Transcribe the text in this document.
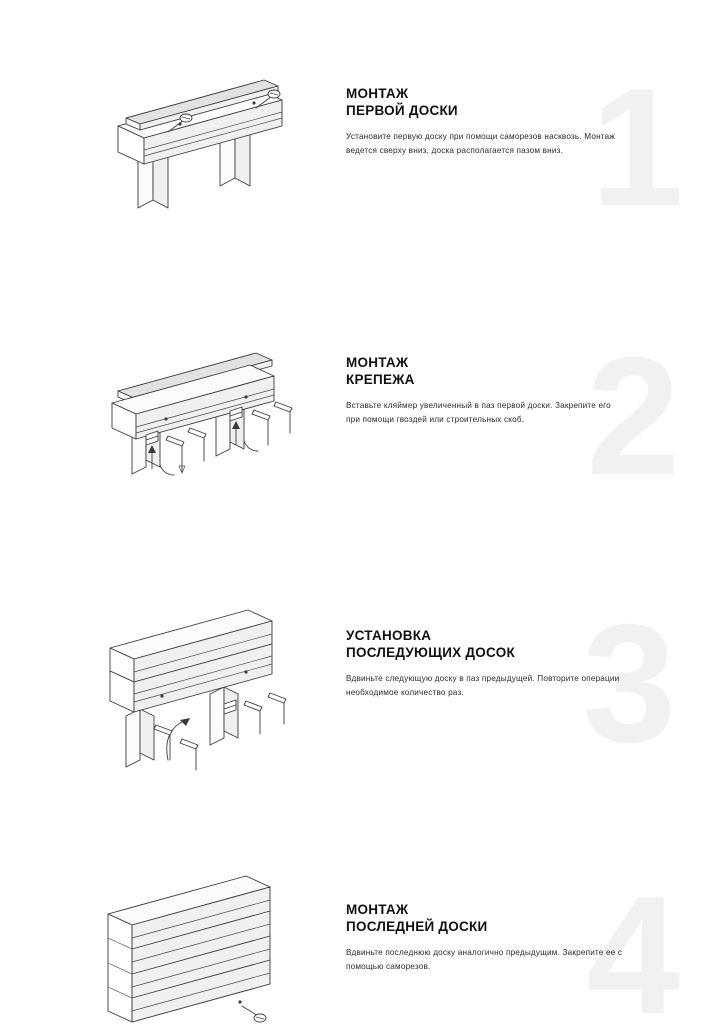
1
МОНТАЖ
ПЕРВОЙ ДОСКИ

Установите первую доску при помощи саморезов насквозь. Монтаж ведется сверху вниз, доска располагается пазом вниз.

2
МОНТАЖ
КРЕПЕЖА

Вставьте кляймер увеличенный в паз первой доски. Закрепите его при помощи гвоздей или строительных скоб.

3
УСТАНОВКА
ПОСЛЕДУЮЩИХ ДОСОК

Вдвиньте следующую доску в паз предыдущей. Повторите операции необходимое количество раз.

4
МОНТАЖ
ПОСЛЕДНЕЙ ДОСКИ

Вдвиньте последнюю доску аналогично предыдущим. Закрепите ее с помощью саморезов.
